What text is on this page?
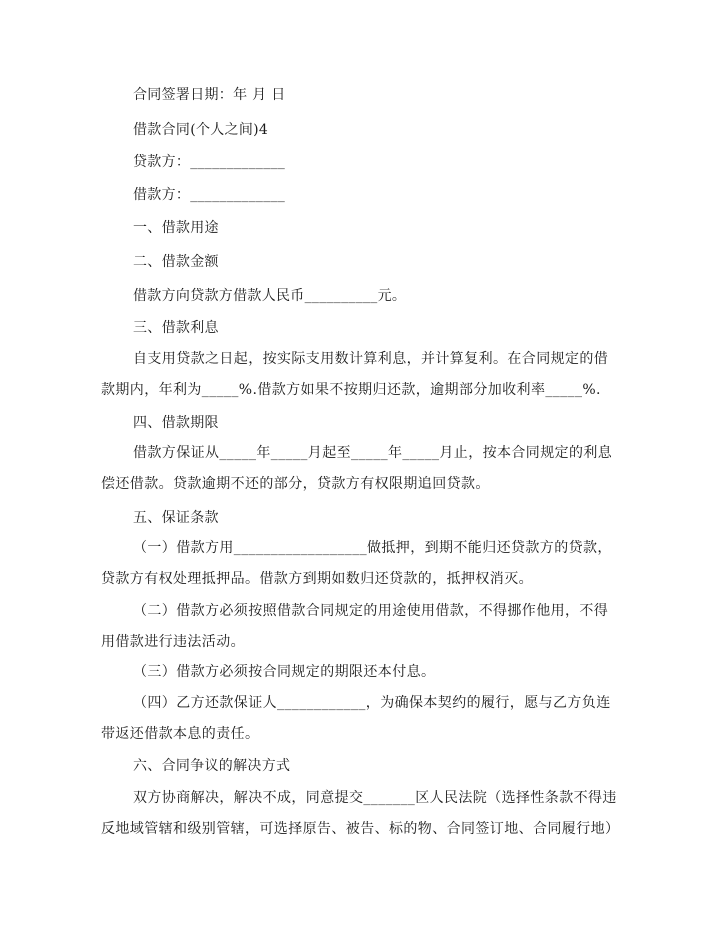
合同签署日期：年 月 日
借款合同(个人之间)4
贷款方：_____________
借款方：_____________
一、借款用途
二、借款金额
借款方向贷款方借款人民币__________元。
三、借款利息
自支用贷款之日起，按实际支用数计算利息，并计算复利。在合同规定的借款期内，年利为_____%.借款方如果不按期归还款，逾期部分加收利率_____%.
四、借款期限
借款方保证从_____年_____月起至_____年_____月止，按本合同规定的利息偿还借款。贷款逾期不还的部分，贷款方有权限期追回贷款。
五、保证条款
（一）借款方用__________________做抵押，到期不能归还贷款方的贷款，贷款方有权处理抵押品。借款方到期如数归还贷款的，抵押权消灭。
（二）借款方必须按照借款合同规定的用途使用借款，不得挪作他用，不得用借款进行违法活动。
（三）借款方必须按合同规定的期限还本付息。
（四）乙方还款保证人____________，为确保本契约的履行，愿与乙方负连带返还借款本息的责任。
六、合同争议的解决方式
双方协商解决，解决不成，同意提交_______区人民法院（选择性条款不得违反地域管辖和级别管辖，可选择原告、被告、标的物、合同签订地、合同履行地）
